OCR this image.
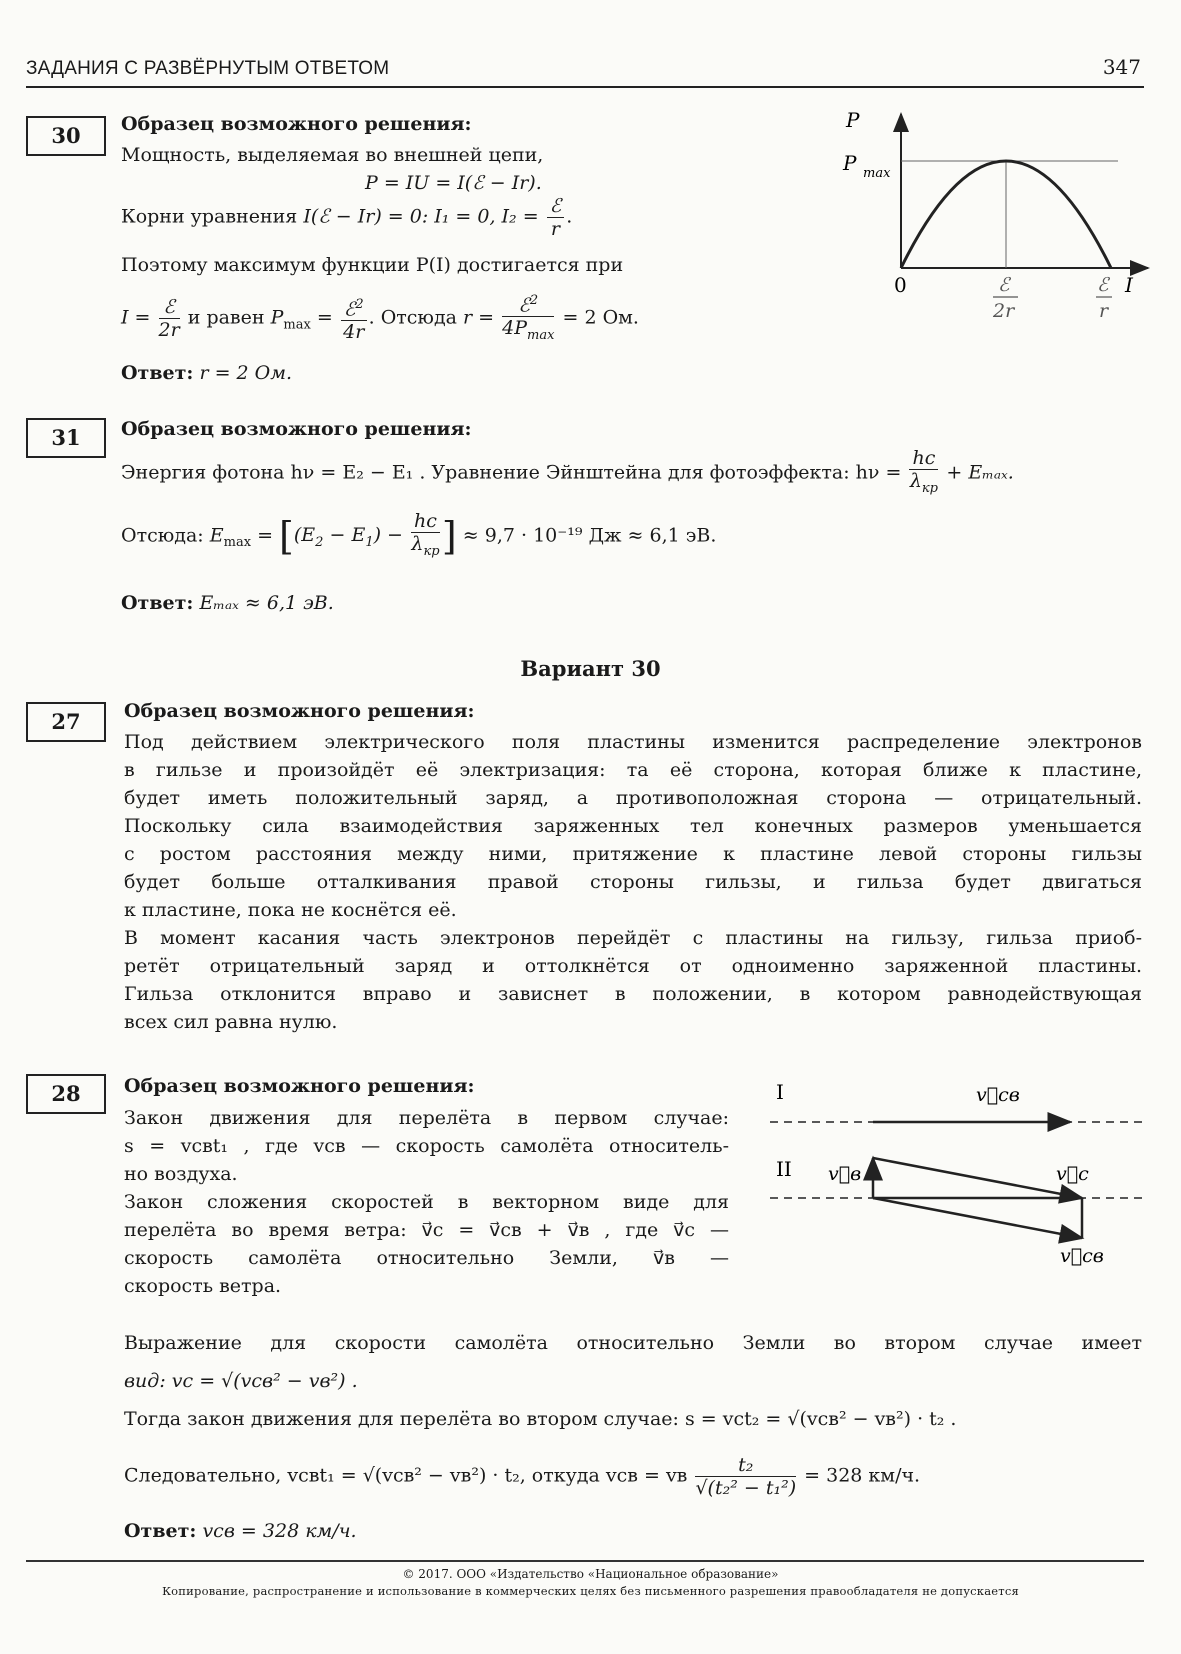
ЗАДАНИЯ С РАЗВЁРНУТЫМ ОТВЕТОМ	347
30	Образец возможного решения:
Мощность, выделяемая во внешней цепи,
P = IU = I(ℰ − Ir).
Корни уравнения I(ℰ − Ir) = 0: I₁ = 0, $I_2 = \frac{\text{ℰ}}{r}$ .
Поэтому максимум функции P(I) достигается при
$I = \frac{\text{ℰ}}{2r}$ и равен $P_{max} = \frac{ℰ^2}{4r}$ . Отсюда $r = \frac{ℰ^2}{4P_{max}} = 2$ Ом.
Ответ: r = 2 Ом.
P
P max
0	I
ℰ
2r
ℰ
r
31	Образец возможного решения:
Энергия фотона hν = E₂ − E₁ . Уравнение Эйнштейна для фотоэффекта: $h\nu = \frac{hc}{\lambda_{кр}} + E_{max}$.
Отсюда: $E_{max} = [(E_2 - E_1) - \frac{hc}{\lambda_{кр}}$ ] ≈ 9,7 · 10⁻¹⁹ Дж ≈ 6,1 эВ.
Ответ: Eₘₐₓ ≈ 6,1 эВ.
Вариант 30
27	Образец возможного решения:
Под действием электрического поля пластины изменится распределение электронов
в гильзе и произойдёт её электризация: та её сторона, которая ближе к пластине,
будет иметь положительный заряд, а противоположная сторона — отрицательный.
Поскольку сила взаимодействия заряженных тел конечных размеров уменьшается
с ростом расстояния между ними, притяжение к пластине левой стороны гильзы
будет больше отталкивания правой стороны гильзы, и гильза будет двигаться
к пластине, пока не коснётся её.
В момент касания часть электронов перейдёт с пластины на гильзу, гильза приоб-
ретёт отрицательный заряд и оттолкнётся от одноименно заряженной пластины.
Гильза отклонится вправо и зависнет в положении, в котором равнодействующая
всех сил равна нулю.
28	Образец возможного решения:
Закон движения для перелёта в первом случае:
s = vсвt₁ , где vсв — скорость самолёта относитель-
но воздуха.
Закон сложения скоростей в векторном виде для
перелёта во время ветра: v⃗с = v⃗св + v⃗в , где v⃗с —
скорость самолёта относительно Земли, v⃗в —
скорость ветра.
I	v⃗св
II v⃗в	v⃗с
v⃗св
Выражение для скорости самолёта относительно Земли во втором случае имеет
вид: vс = √(vсв² − vв²) .
Тогда закон движения для перелёта во втором случае: s = vсt₂ = √(vсв² − vв²) · t₂ .
Следовательно, vсвt₁ = √(vсв² − vв²) · t₂, откуда vсв = vв $\frac{\text{t₂}}{\text{√(t₂² − t₁²)}} = 328$ км/ч.
Ответ: vсв = 328 км/ч.
© 2017. ООО «Издательство «Национальное образование»
Копирование, распространение и использование в коммерческих целях без письменного разрешения правообладателя не допускается
